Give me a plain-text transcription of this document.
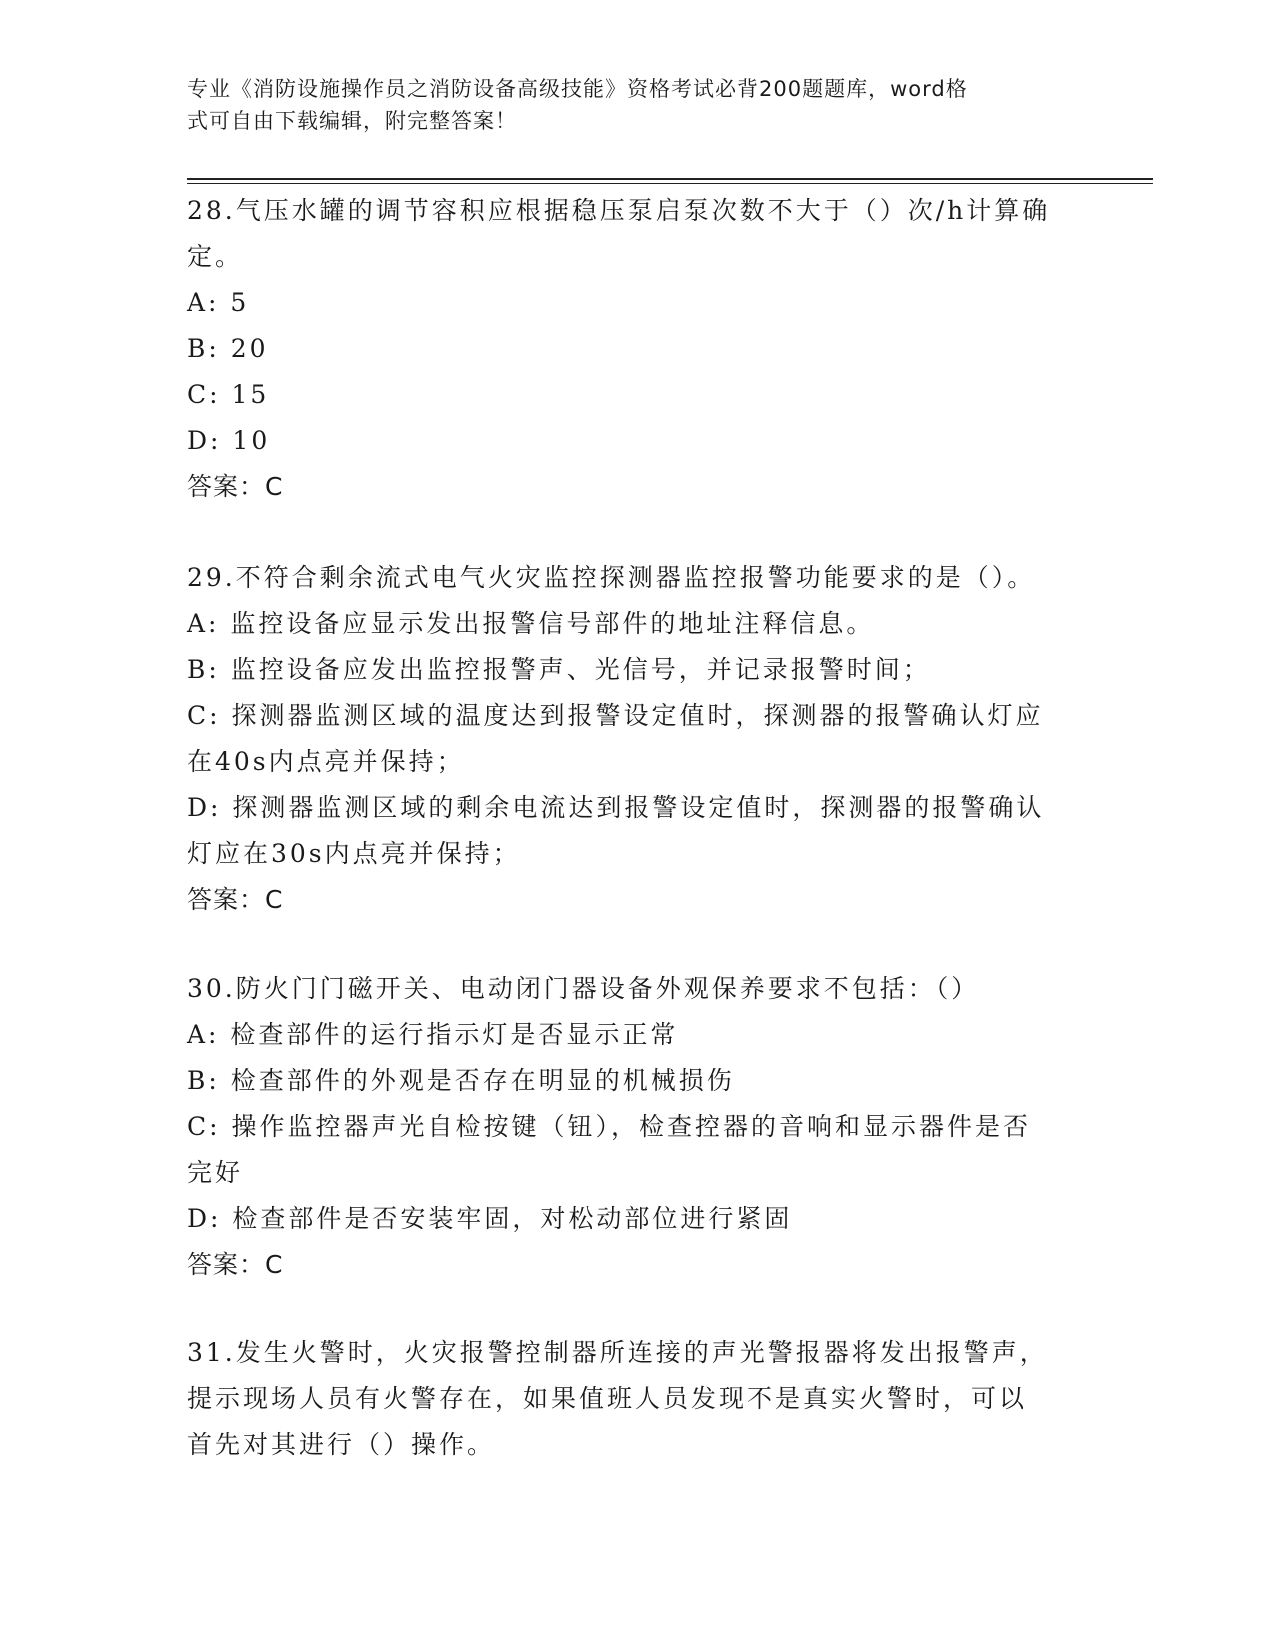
专业《消防设施操作员之消防设备高级技能》资格考试必背200题题库，word格
式可自由下载编辑，附完整答案！
28.气压水罐的调节容积应根据稳压泵启泵次数不大于（）次/h计算确
定。
A: 5
B: 20
C: 15
D: 10
答案：C
29.不符合剩余流式电气火灾监控探测器监控报警功能要求的是（）。
A: 监控设备应显示发出报警信号部件的地址注释信息。
B: 监控设备应发出监控报警声、光信号，并记录报警时间；
C: 探测器监测区域的温度达到报警设定值时，探测器的报警确认灯应
在40s内点亮并保持；
D: 探测器监测区域的剩余电流达到报警设定值时，探测器的报警确认
灯应在30s内点亮并保持；
答案：C
30.防火门门磁开关、电动闭门器设备外观保养要求不包括：（）
A: 检查部件的运行指示灯是否显示正常
B: 检查部件的外观是否存在明显的机械损伤
C: 操作监控器声光自检按键（钮），检查控器的音响和显示器件是否
完好
D: 检查部件是否安装牢固，对松动部位进行紧固
答案：C
31.发生火警时，火灾报警控制器所连接的声光警报器将发出报警声，
提示现场人员有火警存在，如果值班人员发现不是真实火警时，可以
首先对其进行（）操作。
